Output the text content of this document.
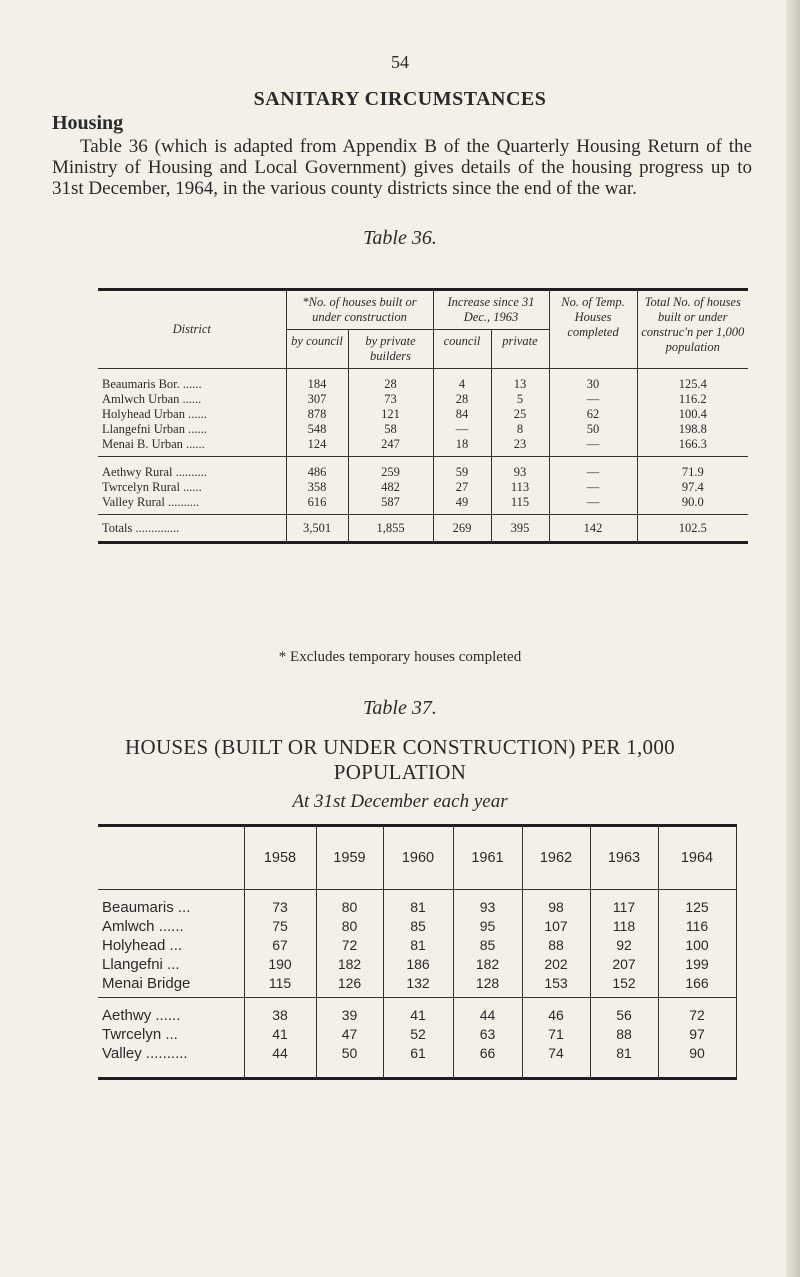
54
SANITARY CIRCUMSTANCES
Housing

Table 36 (which is adapted from Appendix B of the Quarterly Housing Return of the Ministry of Housing and Local Government) gives details of the housing progress up to 31st December, 1964, in the various county districts since the end of the war.

Table 36.
District	*No. of houses built or under construction		Increase since 31 Dec., 1963		No. of Temp. Houses completed	Total No. of houses built or under construc'n per 1,000 population
	by council	by private builders	council	private		
Beaumaris Bor. ......	184	28	4	13	30	125.4
Amlwch Urban ......	307	73	28	5	—	116.2
Holyhead Urban ......	878	121	84	25	62	100.4
Llangefni Urban ......	548	58	—	8	50	198.8
Menai B. Urban ......	124	247	18	23	—	166.3
Aethwy Rural ..........	486	259	59	93	—	71.9
Twrcelyn Rural ......	358	482	27	113	—	97.4
Valley Rural ..........	616	587	49	115	—	90.0
Totals ..............	3,501	1,855	269	395	142	102.5
* Excludes temporary houses completed
Table 37.
HOUSES (BUILT OR UNDER CONSTRUCTION) PER 1,000
POPULATION
At 31st December each year
	1958	1959	1960	1961	1962	1963	1964
Beaumaris ...	73	80	81	93	98	117	125
Amlwch ......	75	80	85	95	107	118	116
Holyhead ...	67	72	81	85	88	92	100
Llangefni ...	190	182	186	182	202	207	199
Menai Bridge	115	126	132	128	153	152	166
Aethwy ......	38	39	41	44	46	56	72
Twrcelyn ...	41	47	52	63	71	88	97
Valley ..........	44	50	61	66	74	81	90
